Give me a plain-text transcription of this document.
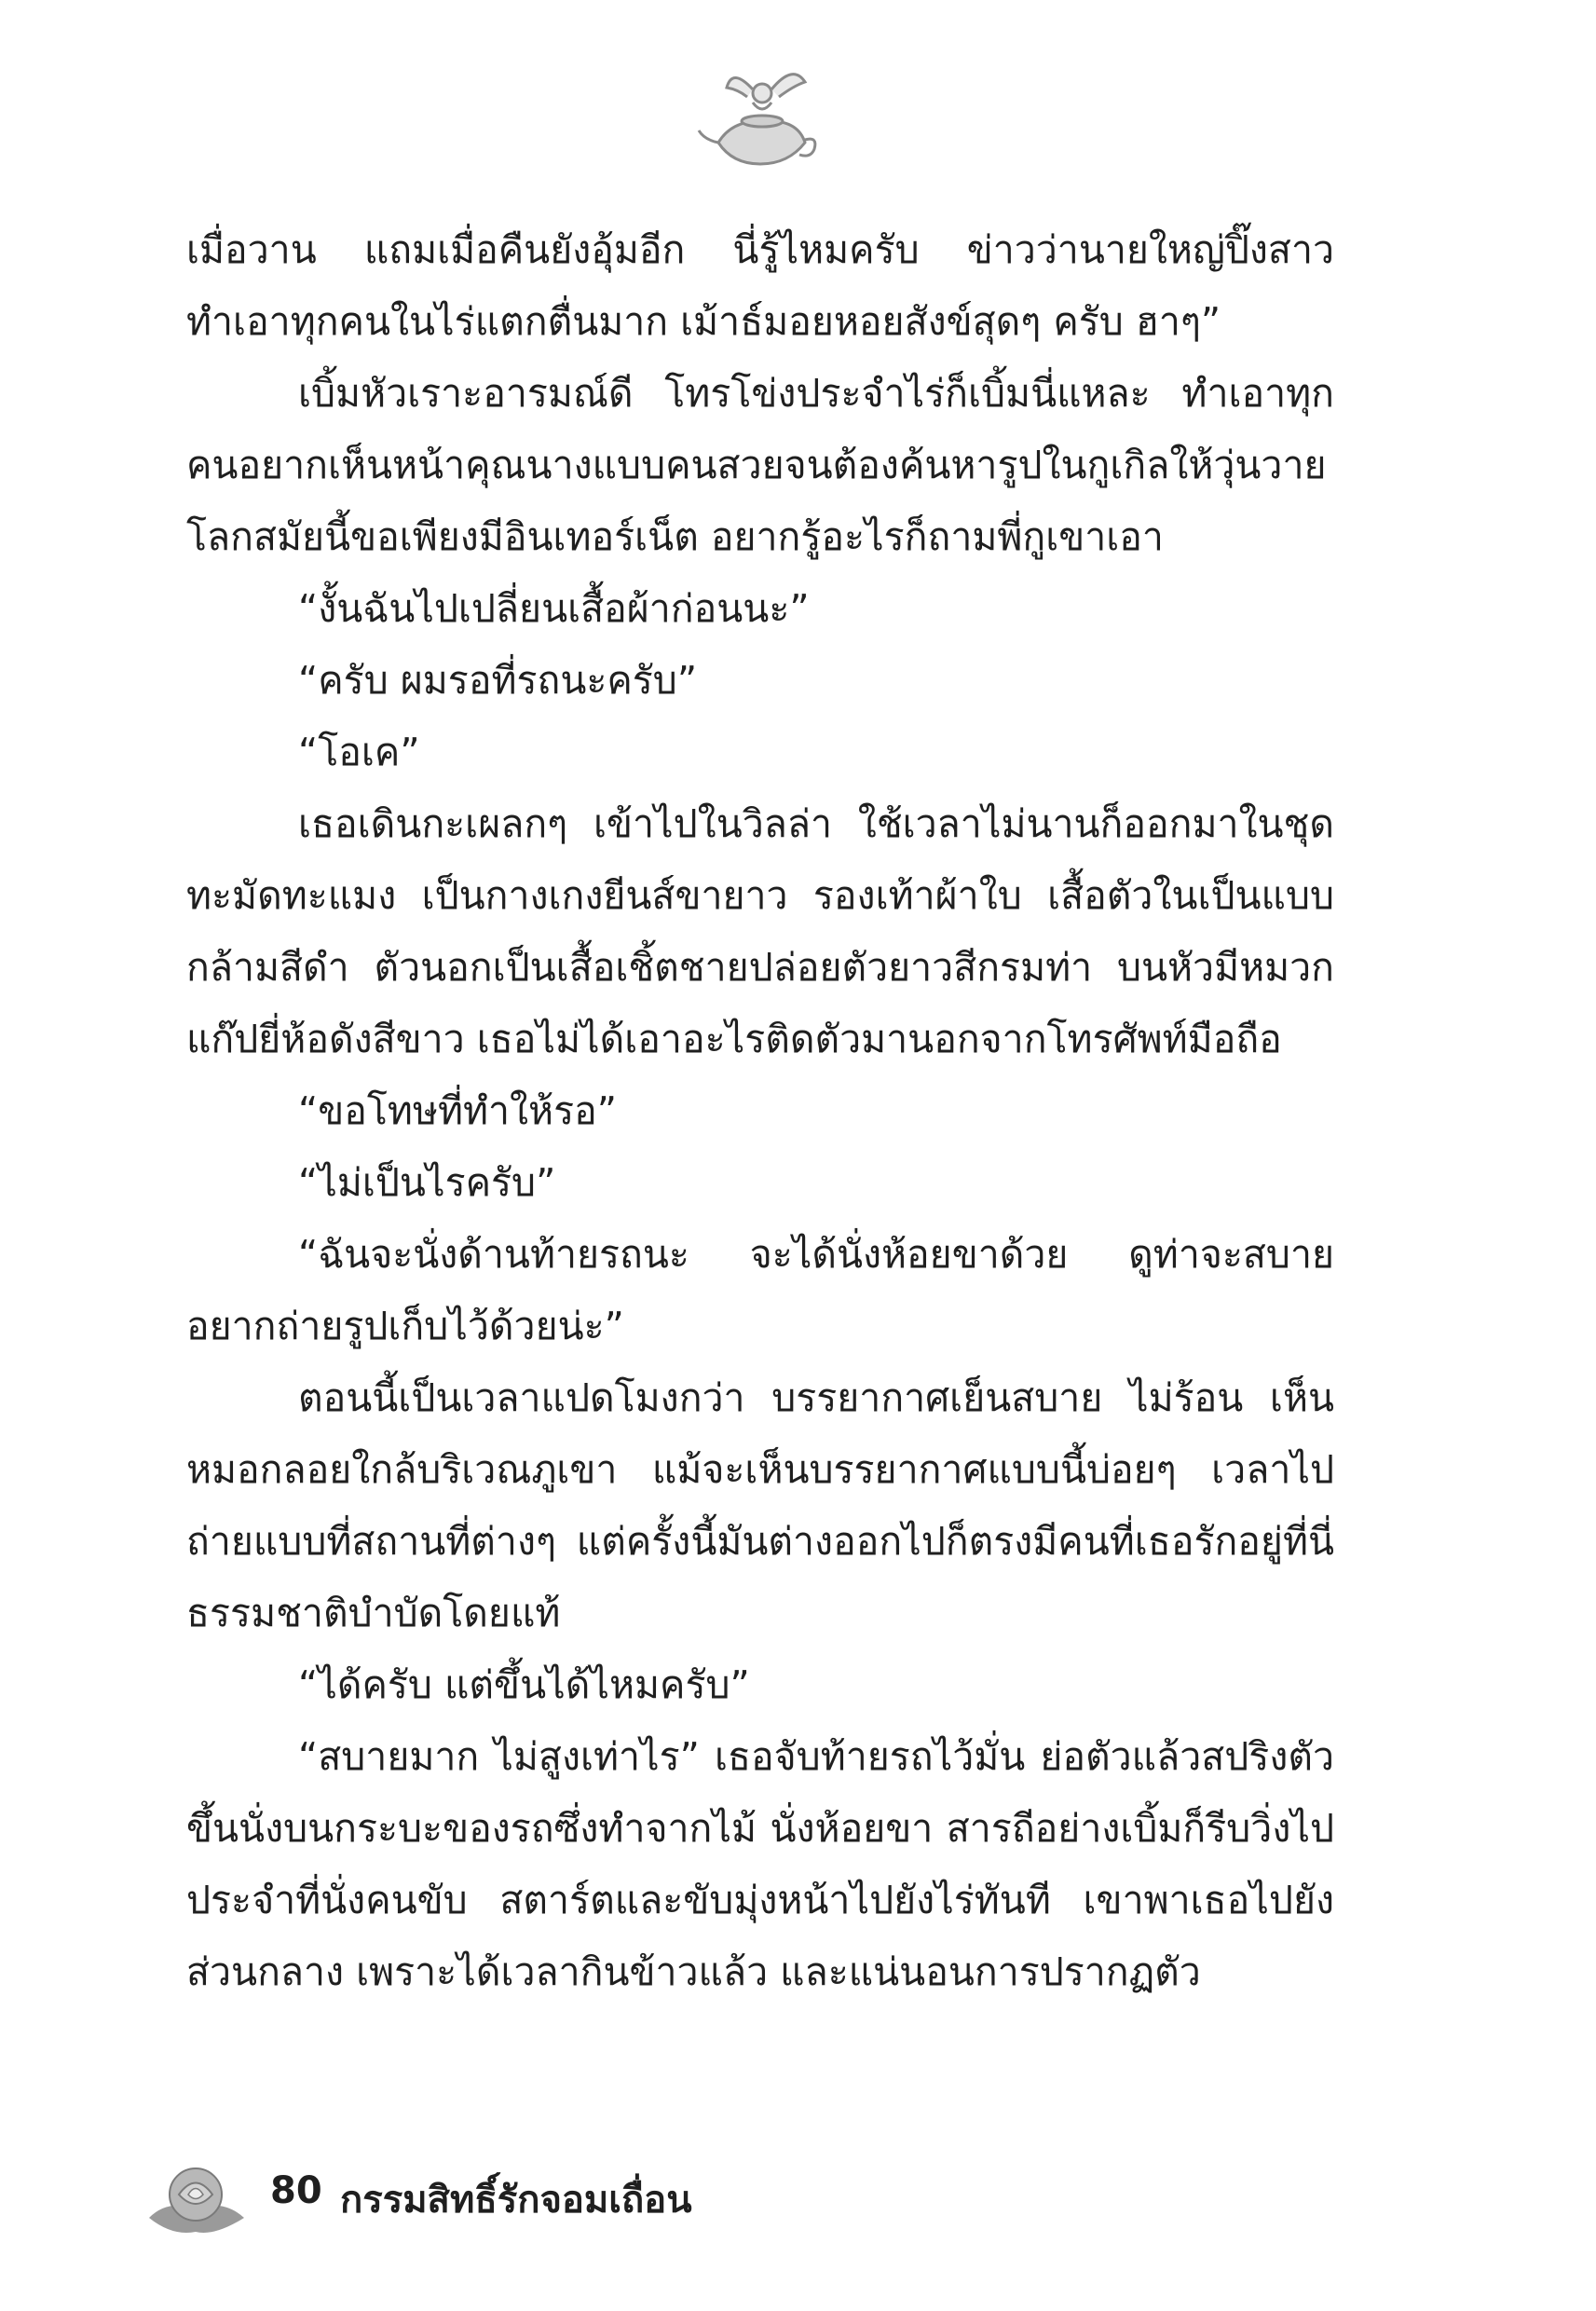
เมื่อวาน แถมเมื่อคืนยังอุ้มอีก นี่รู้ไหมครับ ข่าวว่านายใหญ่ปิ๊งสาว ทำเอาทุกคนในไร่แตกตื่นมาก เม้าธ์มอยหอยสังข์สุดๆ ครับ ฮาๆ”

เบิ้มหัวเราะอารมณ์ดี โทรโข่งประจำไร่ก็เบิ้มนี่แหละ ทำเอาทุกคนอยากเห็นหน้าคุณนางแบบคนสวยจนต้องค้นหารูปในกูเกิลให้วุ่นวาย โลกสมัยนี้ขอเพียงมีอินเทอร์เน็ต อยากรู้อะไรก็ถามพี่กูเขาเอา

“งั้นฉันไปเปลี่ยนเสื้อผ้าก่อนนะ”

“ครับ ผมรอที่รถนะครับ”

“โอเค”

เธอเดินกะเผลกๆ เข้าไปในวิลล่า ใช้เวลาไม่นานก็ออกมาในชุดทะมัดทะแมง เป็นกางเกงยีนส์ขายาว รองเท้าผ้าใบ เสื้อตัวในเป็นแบบกล้ามสีดำ ตัวนอกเป็นเสื้อเชิ้ตชายปล่อยตัวยาวสีกรมท่า บนหัวมีหมวกแก๊ปยี่ห้อดังสีขาว เธอไม่ได้เอาอะไรติดตัวมานอกจากโทรศัพท์มือถือ

“ขอโทษที่ทำให้รอ”

“ไม่เป็นไรครับ”

“ฉันจะนั่งด้านท้ายรถนะ จะได้นั่งห้อยขาด้วย ดูท่าจะสบาย อยากถ่ายรูปเก็บไว้ด้วยน่ะ”

ตอนนี้เป็นเวลาแปดโมงกว่า บรรยากาศเย็นสบาย ไม่ร้อน เห็นหมอกลอยใกล้บริเวณภูเขา แม้จะเห็นบรรยากาศแบบนี้บ่อยๆ เวลาไปถ่ายแบบที่สถานที่ต่างๆ แต่ครั้งนี้มันต่างออกไปก็ตรงมีคนที่เธอรักอยู่ที่นี่ ธรรมชาติบำบัดโดยแท้

“ได้ครับ แต่ขึ้นได้ไหมครับ”

“สบายมาก ไม่สูงเท่าไร” เธอจับท้ายรถไว้มั่น ย่อตัวแล้วสปริงตัวขึ้นนั่งบนกระบะของรถซึ่งทำจากไม้ นั่งห้อยขา สารถีอย่างเบิ้มก็รีบวิ่งไปประจำที่นั่งคนขับ สตาร์ตและขับมุ่งหน้าไปยังไร่ทันที เขาพาเธอไปยังส่วนกลาง เพราะได้เวลากินข้าวแล้ว และแน่นอนการปรากฏตัว

80 กรรมสิทธิ์รักจอมเถื่อน
